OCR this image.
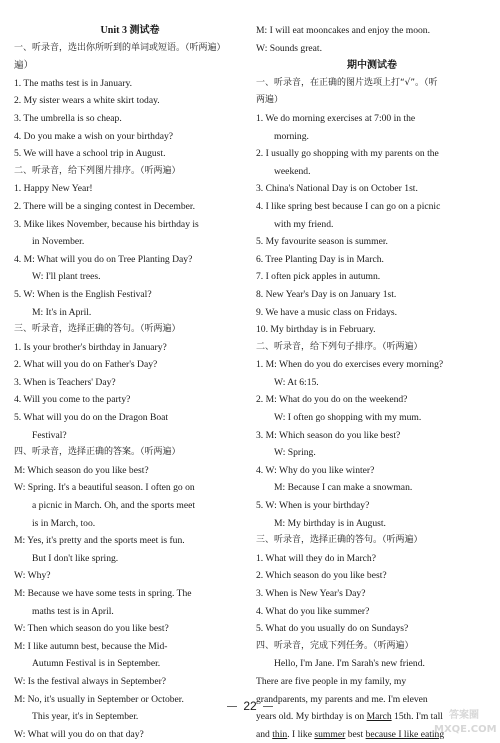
Unit 3 测试卷
一、听录音，选出你所听到的单词或短语。（听两遍）
遍）
1. The maths test is in January.
2. My sister wears a white skirt today.
3. The umbrella is so cheap.
4. Do you make a wish on your birthday?
5. We will have a school trip in August.
二、听录音，给下列图片排序。（听两遍）
1. Happy New Year!
2. There will be a singing contest in December.
3. Mike likes November, because his birthday is
in November.
4. M: What will you do on Tree Planting Day?
W: I'll plant trees.
5. W: When is the English Festival?
M: It's in April.
三、听录音，选择正确的答句。（听两遍）
1. Is your brother's birthday in January?
2. What will you do on Father's Day?
3. When is Teachers' Day?
4. Will you come to the party?
5. What will you do on the Dragon Boat
Festival?
四、听录音，选择正确的答案。（听两遍）
M: Which season do you like best?
W: Spring. It's a beautiful season. I often go on
a picnic in March. Oh, and the sports meet
is in March, too.
M: Yes, it's pretty and the sports meet is fun.
But I don't like spring.
W: Why?
M: Because we have some tests in spring. The
maths test is in April.
W: Then which season do you like best?
M: I like autumn best, because the Mid-
Autumn Festival is in September.
W: Is the festival always in September?
M: No, it's usually in September or October.
This year, it's in September.
W: What will you do on that day?
M: I will eat mooncakes and enjoy the moon.
W: Sounds great.
期中测试卷
一、听录音，在正确的图片选项上打“√”。（听
两遍）
1. We do morning exercises at 7:00 in the
morning.
2. I usually go shopping with my parents on the
weekend.
3. China's National Day is on October 1st.
4. I like spring best because I can go on a picnic
with my friend.
5. My favourite season is summer.
6. Tree Planting Day is in March.
7. I often pick apples in autumn.
8. New Year's Day is on January 1st.
9. We have a music class on Fridays.
10. My birthday is in February.
二、听录音，给下列句子排序。（听两遍）
1. M: When do you do exercises every morning?
W: At 6:15.
2. M: What do you do on the weekend?
W: I often go shopping with my mum.
3. M: Which season do you like best?
W: Spring.
4. W: Why do you like winter?
M: Because I can make a snowman.
5. W: When is your birthday?
M: My birthday is in August.
三、听录音，选择正确的答句。（听两遍）
1. What will they do in March?
2. Which season do you like best?
3. When is New Year's Day?
4. What do you like summer?
5. What do you usually do on Sundays?
四、听录音，完成下列任务。（听两遍）
Hello, I'm Jane. I'm Sarah's new friend.
There are five people in my family, my
grandparents, my parents and me. I'm eleven
years old. My birthday is on March 15th. I'm tall
and thin. I like summer best because I like eating
22
答案圈 MXQE.COM
